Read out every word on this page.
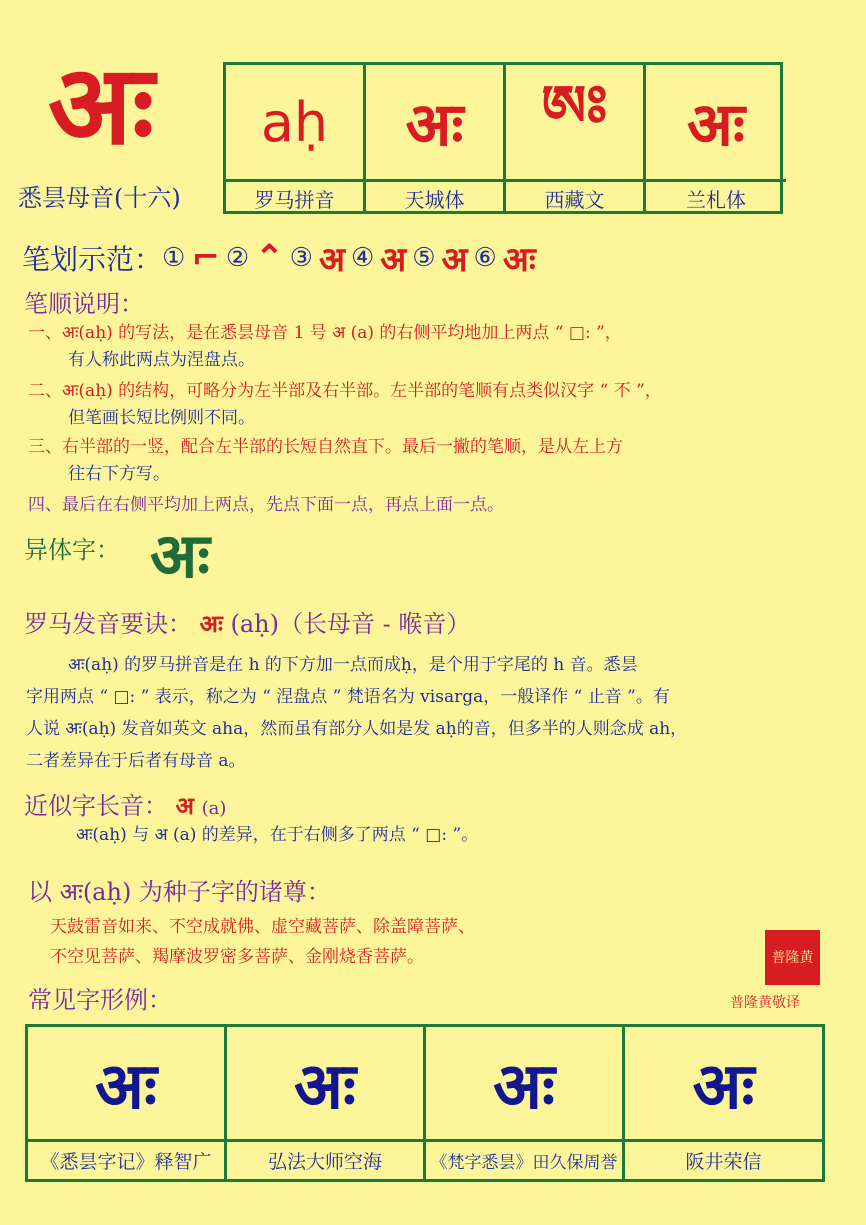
अः
悉昙母音(十六)
aḥ अः ཨཿ अः
罗马拼音	天城体	西藏文	兰札体
笔划示范： ① ⌐ ② ⌃ ③ अ ④ अ ⑤ अ ⑥ अः
笔顺说明：
一、अः(aḥ) 的写法，是在悉昙母音 1 号 अ (a) 的右侧平均地加上两点 “ □: ”，
有人称此两点为涅盘点。
二、अः(aḥ) 的结构，可略分为左半部及右半部。左半部的笔顺有点类似汉字 “ 不 ”，
但笔画长短比例则不同。
三、右半部的一竖，配合左半部的长短自然直下。最后一撇的笔顺，是从左上方
往右下方写。
四、最后在右侧平均加上两点，先点下面一点，再点上面一点。
异体字： अः
罗马发音要诀： अः (aḥ)（长母音 - 喉音）
अः(aḥ) 的罗马拼音是在 h 的下方加一点而成ḥ，是个用于字尾的 h 音。悉昙
字用两点 “ □: ” 表示，称之为 “ 涅盘点 ” 梵语名为 visarga，一般译作 “ 止音 ”。有
人说 अः(aḥ) 发音如英文 aha，然而虽有部分人如是发 aḥ的音，但多半的人则念成 ah，
二者差异在于后者有母音 a。
近似字长音： अ (a)
अः(aḥ) 与 अ (a) 的差异，在于右侧多了两点 “ □: ”。
以 अः(aḥ) 为种子字的诸尊：
天鼓雷音如来、不空成就佛、虚空藏菩萨、除盖障菩萨、
不空见菩萨、羯摩波罗密多菩萨、金刚烧香菩萨。	普隆黄
普隆黄敬译
常见字形例：
अः अः अः अः
《悉昙字记》释智广	弘法大师空海	《梵字悉昙》田久保周誉	阪井荣信
